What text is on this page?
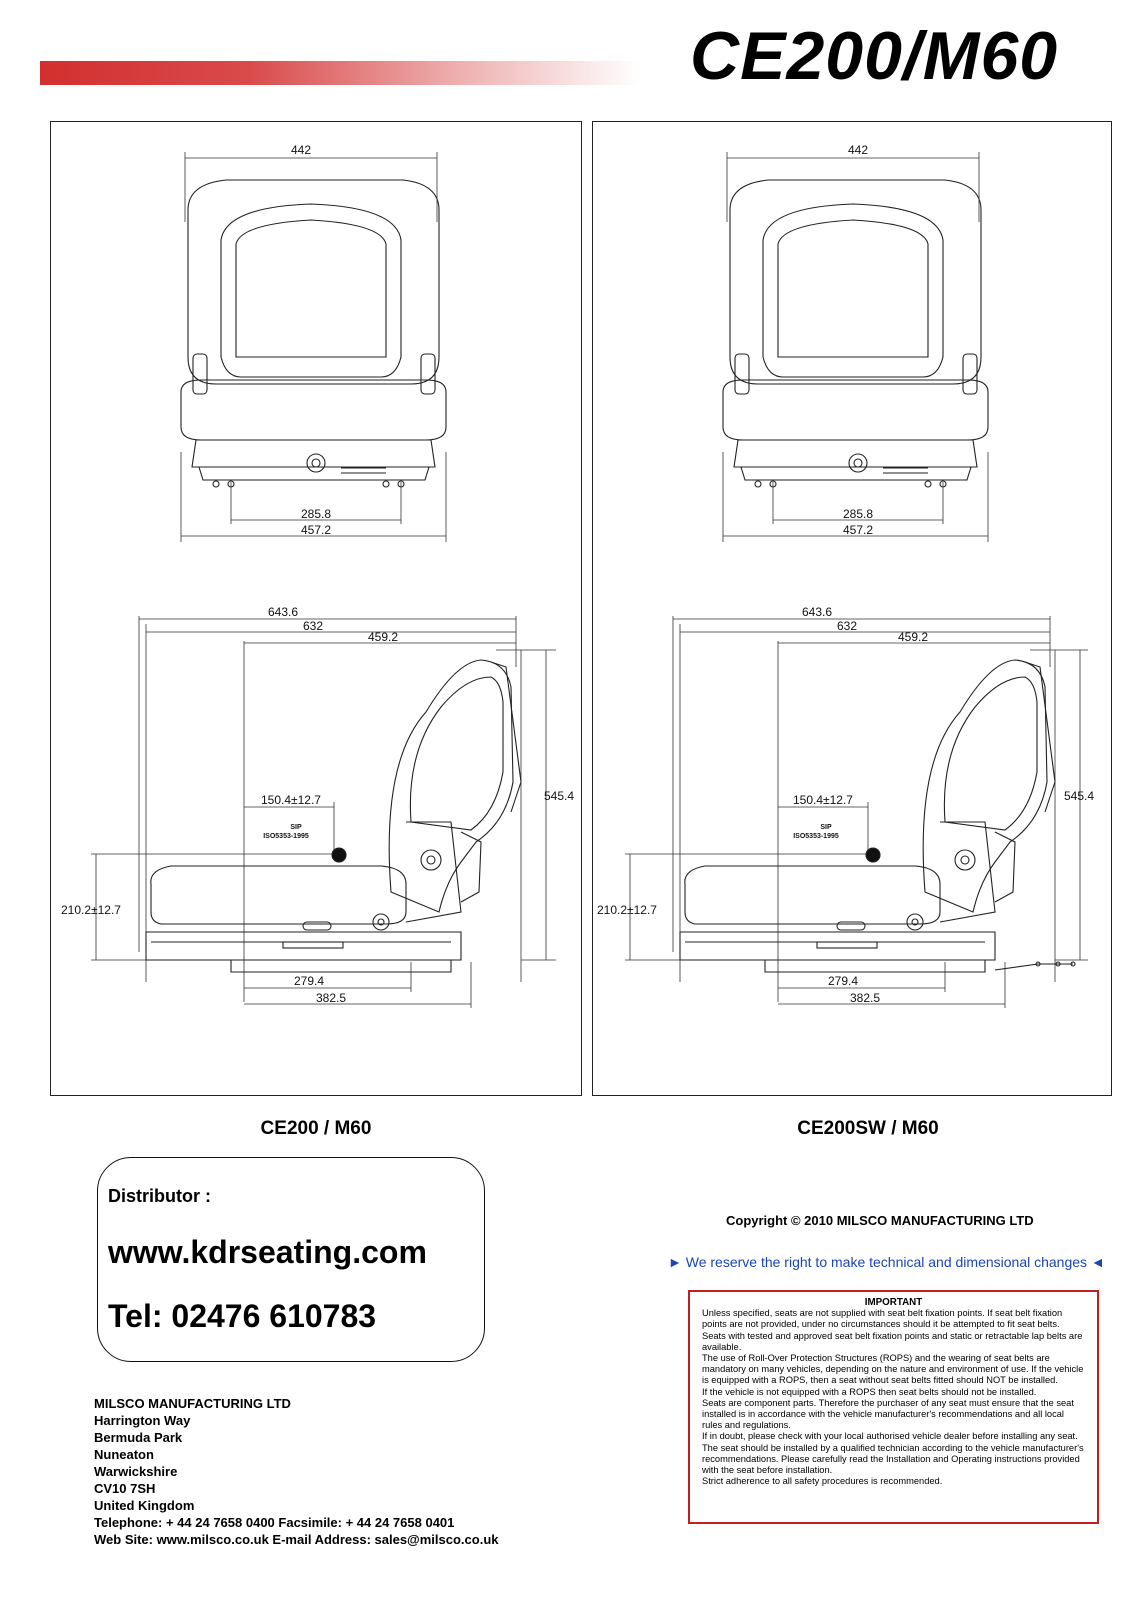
CE200/M60
442
285.8
457.2
643.6
632
459.2
545.4
150.4±12.7
SIP
ISO5353-1995
210.2±12.7
279.4
382.5
442
285.8
457.2
643.6
632
459.2
545.4
150.4±12.7
SIP
ISO5353-1995
210.2±12.7
279.4
382.5
CE200 / M60	CE200SW / M60
Distributor :
www.kdrseating.com
Tel: 02476 610783
MILSCO MANUFACTURING LTD
Harrington Way
Bermuda Park
Nuneaton
Warwickshire
CV10 7SH
United Kingdom
Telephone: + 44 24 7658 0400 Facsimile: + 44 24 7658 0401
Web Site: www.milsco.co.uk E-mail Address: sales@milsco.co.uk
Copyright © 2010 MILSCO MANUFACTURING LTD
► We reserve the right to make technical and dimensional changes ◄
IMPORTANT
Unless specified, seats are not supplied with seat belt fixation points. If seat belt fixation points are not provided, under no circumstances should it be attempted to fit seat belts. Seats with tested and approved seat belt fixation points and static or retractable lap belts are available.
The use of Roll-Over Protection Structures (ROPS) and the wearing of seat belts are mandatory on many vehicles, depending on the nature and environment of use. If the vehicle is equipped with a ROPS, then a seat without seat belts fitted should NOT be installed.
If the vehicle is not equipped with a ROPS then seat belts should not be installed.
Seats are component parts. Therefore the purchaser of any seat must ensure that the seat installed is in accordance with the vehicle manufacturer's recommendations and all local rules and regulations.
If in doubt, please check with your local authorised vehicle dealer before installing any seat. The seat should be installed by a qualified technician according to the vehicle manufacturer's recommendations. Please carefully read the Installation and Operating instructions provided with the seat before installation.
Strict adherence to all safety procedures is recommended.
